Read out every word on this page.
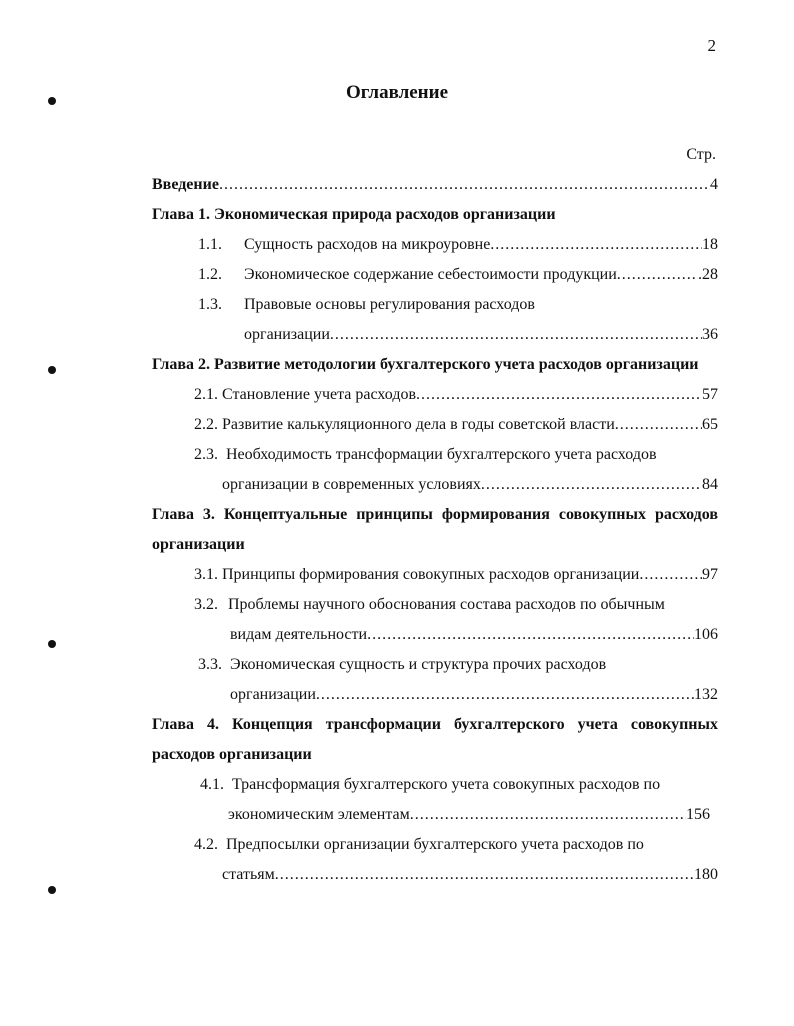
2
Оглавление
Стр.
Введение .....	4
Глава 1. Экономическая природа расходов организации
1.1.	Сущность расходов на микроуровне .....	18
1.2.	Экономическое содержание себестоимости продукции .....	.28
1.3. Правовые основы регулирования расходов
организации .....	36
Глава 2. Развитие методологии бухгалтерского учета расходов организации
2.1. Становление учета расходов .....	57
2.2. Развитие калькуляционного дела в годы советской власти .....	65
2.3. Необходимость трансформации бухгалтерского учета расходов
организации в современных условиях .....	84
Глава 3. Концептуальные принципы формирования совокупных расходов организации
3.1. Принципы формирования совокупных расходов организации .....	97
3.2. Проблемы научного обоснования состава расходов по обычным
видам деятельности .....	106
3.3. Экономическая сущность и структура прочих расходов
организации .....	132
Глава 4. Концепция трансформации бухгалтерского учета совокупных расходов организации
4.1. Трансформация бухгалтерского учета совокупных расходов по
экономическим элементам .....	156
4.2. Предпосылки организации бухгалтерского учета расходов по
статьям .....	180
